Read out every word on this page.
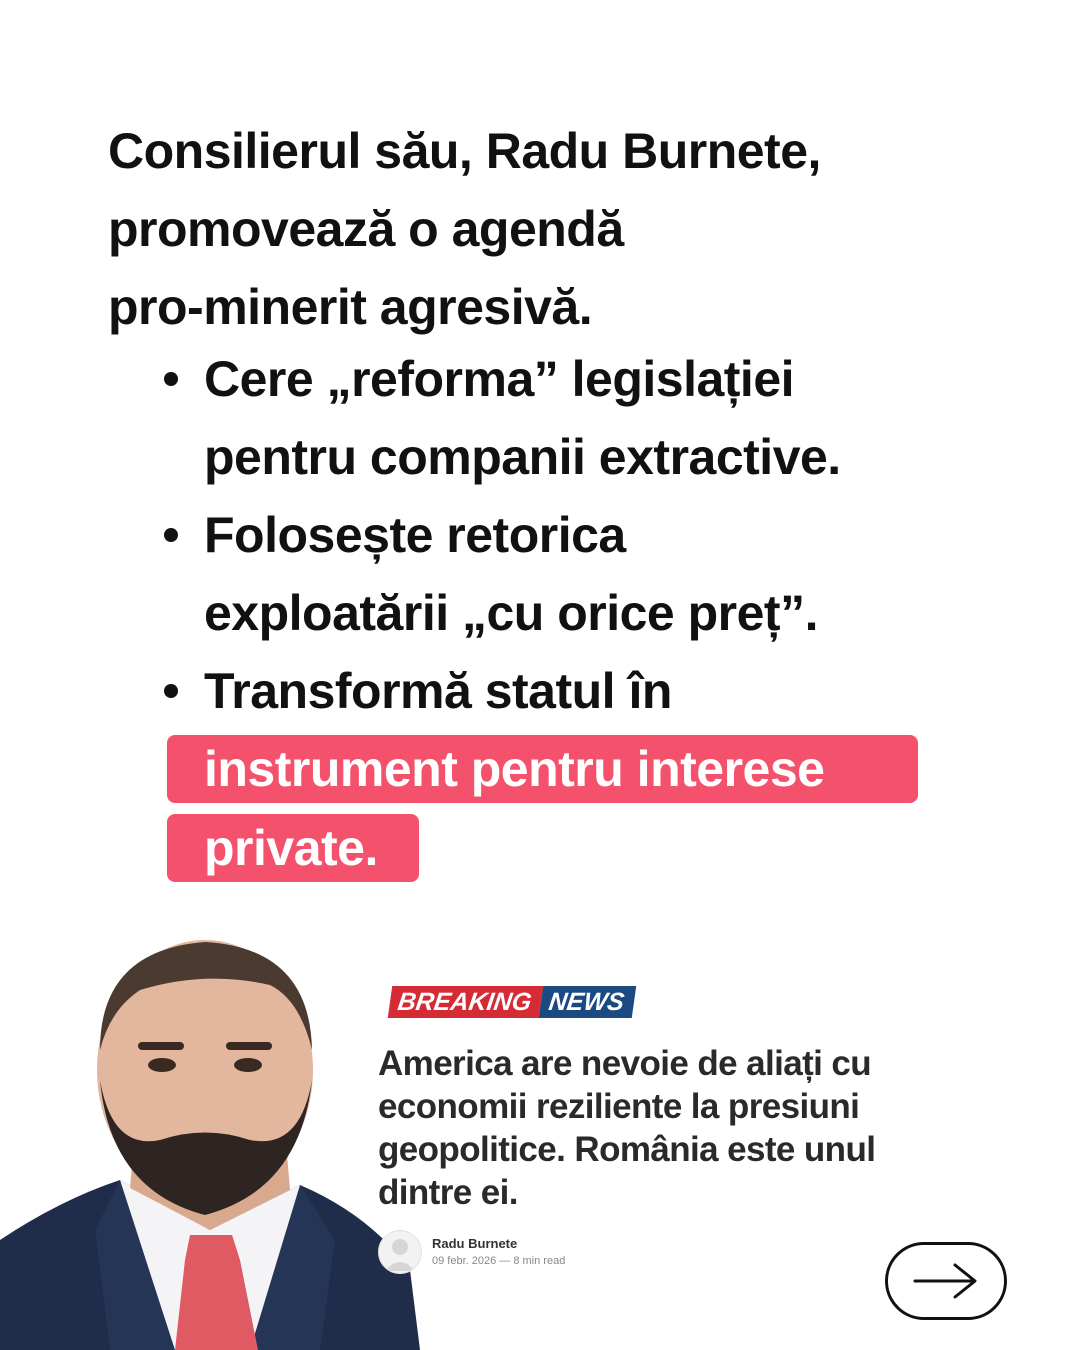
Consilierul său, Radu Burnete,
promovează o agendă
pro-minerit agresivă.
Cere „reforma” legislației
pentru companii extractive.
Folosește retorica
exploatării „cu orice preț”.
Transformă statul în
instrument pentru interese
private.
BREAKING NEWS
America are nevoie de aliați cu economii reziliente la presiuni geopolitice. România este unul dintre ei.
Radu Burnete
09 febr. 2026 — 8 min read
